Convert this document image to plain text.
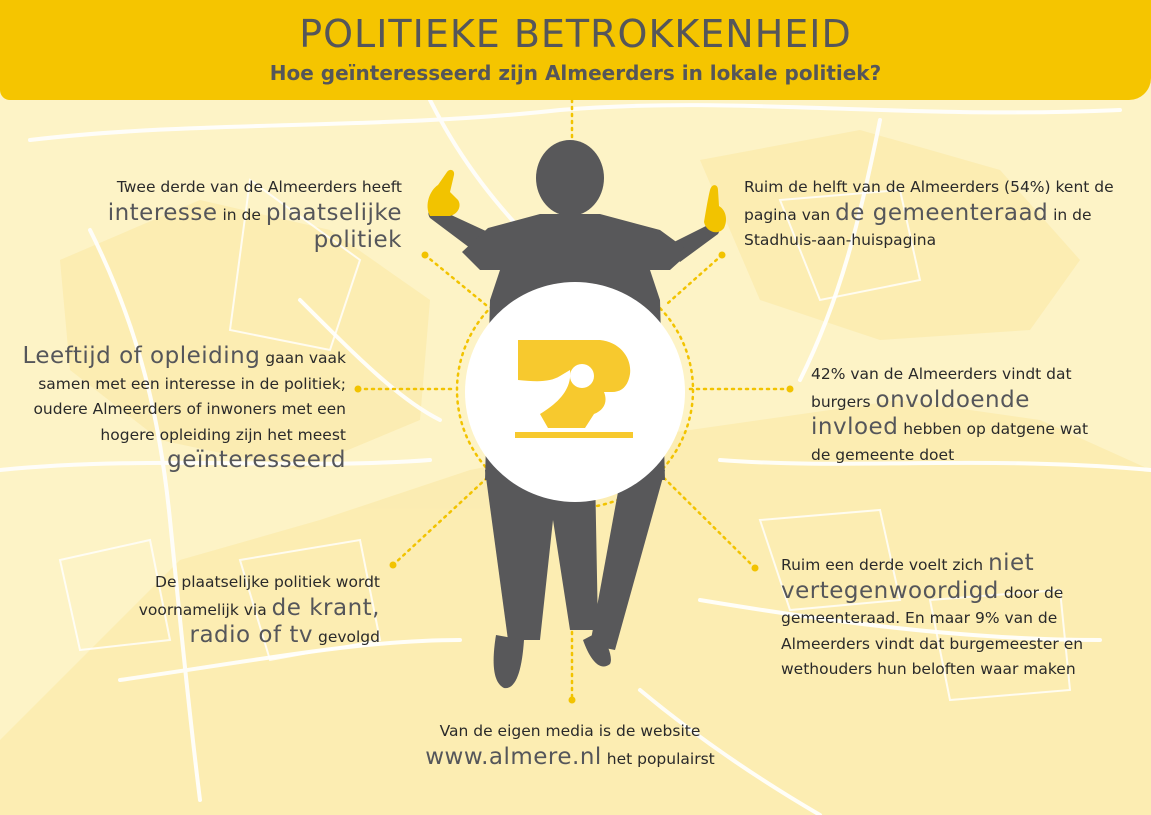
POLITIEKE BETROKKENHEID
Hoe geïnteresseerd zijn Almeerders in lokale politiek?
Twee derde van de Almeerders heeft interesse in de plaatselijke politiek
Leeftijd of opleiding gaan vaak samen met een interesse in de politiek; oudere Almeerders of inwoners met een hogere opleiding zijn het meest geïnteresseerd
De plaatselijke politiek wordt voornamelijk via de krant, radio of tv gevolgd
Ruim de helft van de Almeerders (54%) kent de pagina van de gemeenteraad in de Stadhuis-aan-huispagina
42% van de Almeerders vindt dat burgers onvoldoende invloed hebben op datgene wat de gemeente doet
Ruim een derde voelt zich niet vertegenwoordigd door de gemeenteraad. En maar 9% van de Almeerders vindt dat burgemeester en wethouders hun beloften waar maken
Van de eigen media is de website
www.almere.nl het populairst
